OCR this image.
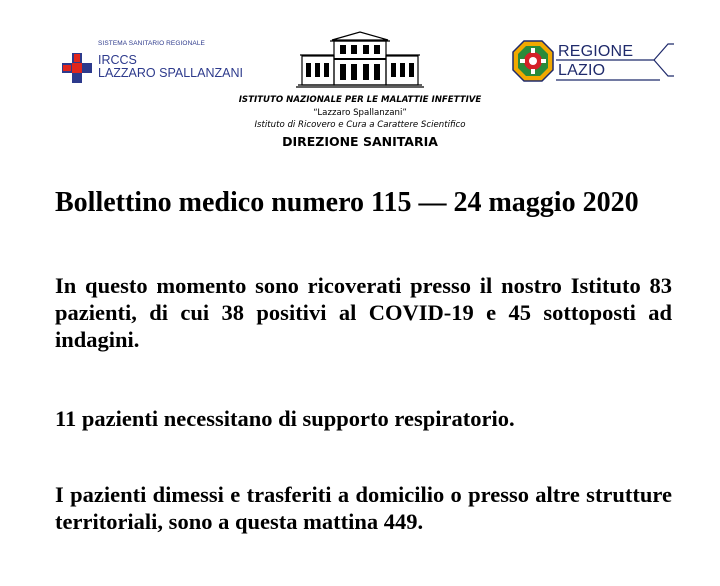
SISTEMA SANITARIO REGIONALE
IRCCS
LAZZARO SPALLANZANI
REGIONE
LAZIO
ISTITUTO NAZIONALE PER LE MALATTIE INFETTIVE
“Lazzaro Spallanzani”
Istituto di Ricovero e Cura a Carattere Scientifico
DIREZIONE SANITARIA
Bollettino medico numero 115 — 24 maggio 2020
In questo momento sono ricoverati presso il nostro Istituto 83 pazienti, di cui 38 positivi al COVID-19 e 45 sottoposti ad indagini.
11 pazienti necessitano di supporto respiratorio.
I pazienti dimessi e trasferiti a domicilio o presso altre strutture territoriali, sono a questa mattina 449.
